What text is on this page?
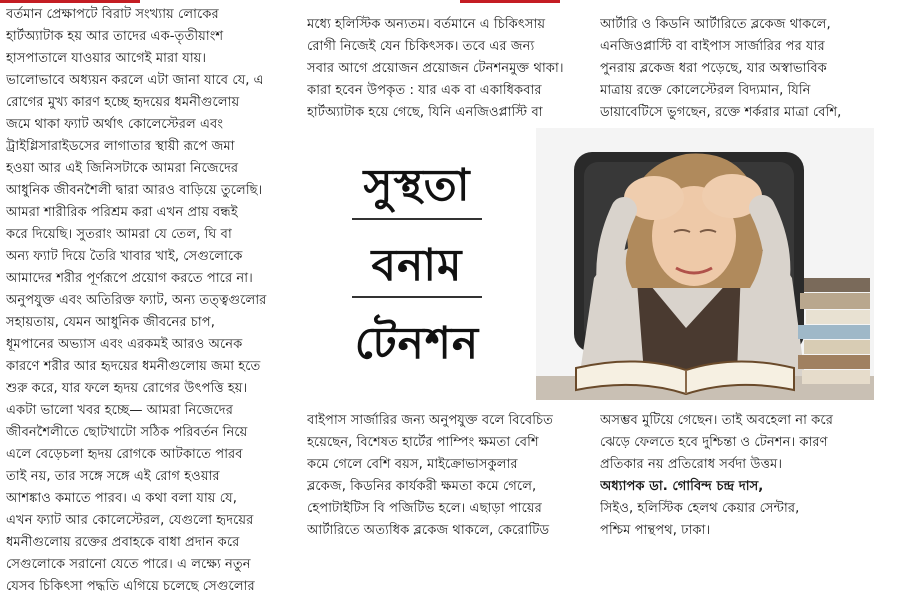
বর্তমান প্রেক্ষাপটে বিরাট সংখ্যায় লোকের
হার্টঅ্যাটাক হয় আর তাদের এক-তৃতীয়াংশ
হাসপাতালে যাওয়ার আগেই মারা যায়।
ভালোভাবে অধ্যয়ন করলে এটা জানা যাবে যে, এ
রোগের মুখ্য কারণ হচ্ছে হৃদয়ের ধমনীগুলোয়
জমে থাকা ফ্যাট অর্থাৎ কোলেস্টেরল এবং
ট্রাইগ্লিসারাইডসের লাগাতার স্থায়ী রূপে জমা
হওয়া আর এই জিনিসটাকে আমরা নিজেদের
আধুনিক জীবনশৈলী দ্বারা আরও বাড়িয়ে তুলেছি।
আমরা শারীরিক পরিশ্রম করা এখন প্রায় বন্ধই
করে দিয়েছি। সুতরাং আমরা যে তেল, ঘি বা
অন্য ফ্যাট দিয়ে তৈরি খাবার খাই, সেগুলোকে
আমাদের শরীর পূর্ণরূপে প্রয়োগ করতে পারে না।
অনুপযুক্ত এবং অতিরিক্ত ফ্যাট, অন্য তত্ত্বগুলোর
সহায়তায়, যেমন আধুনিক জীবনের চাপ,
ধূমপানের অভ্যাস এবং এরকমই আরও অনেক
কারণে শরীর আর হৃদয়ের ধমনীগুলোয় জমা হতে
শুরু করে, যার ফলে হৃদয় রোগের উৎপত্তি হয়।
একটা ভালো খবর হচ্ছে— আমরা নিজেদের
জীবনশৈলীতে ছোটখাটো সঠিক পরিবর্তন নিয়ে
এলে বেড়েচলা হৃদয় রোগকে আটকাতে পারব
তাই নয়, তার সঙ্গে সঙ্গে এই রোগ হওয়ার
আশঙ্কাও কমাতে পারব। এ কথা বলা যায় যে,
এখন ফ্যাট আর কোলেস্টেরল, যেগুলো হৃদয়ের
ধমনীগুলোয় রক্তের প্রবাহকে বাধা প্রদান করে
সেগুলোকে সরানো যেতে পারে। এ লক্ষ্যে নতুন
যেসব চিকিৎসা পদ্ধতি এগিয়ে চলেছে সেগুলোর
মধ্যে হলিস্টিক অন্যতম। বর্তমানে এ চিকিৎসায়
রোগী নিজেই যেন চিকিৎসক। তবে এর জন্য
সবার আগে প্রয়োজন প্রয়োজন টেনশনমুক্ত থাকা।
কারা হবেন উপকৃত : যার এক বা একাধিকবার
হার্টঅ্যাটাক হয়ে গেছে, যিনি এনজিওপ্লাস্টি বা
সুস্থতা
বনাম
টেনশন
আর্টারি ও কিডনি আর্টারিতে ব্লকেজ থাকলে,
এনজিওপ্লাস্টি বা বাইপাস সার্জারির পর যার
পুনরায় ব্লকেজ ধরা পড়েছে, যার অস্বাভাবিক
মাত্রায় রক্তে কোলেস্টেরল বিদ্যমান, যিনি
ডায়াবেটিসে ভুগছেন, রক্তে শর্করার মাত্রা বেশি,
বাইপাস সার্জারির জন্য অনুপযুক্ত বলে বিবেচিত
হয়েছেন, বিশেষত হার্টের পাম্পিং ক্ষমতা বেশি
কমে গেলে বেশি বয়স, মাইক্রোভাসকুলার
ব্লকেজ, কিডনির কার্যকরী ক্ষমতা কমে গেলে,
হেপাটাইটিস বি পজিটিভ হলে। এছাড়া পায়ের
আর্টারিতে অত্যধিক ব্লকেজ থাকলে, কেরোটিড
অসম্ভব মুটিয়ে গেছেন। তাই অবহেলা না করে
ঝেড়ে ফেলতে হবে দুশ্চিন্তা ও টেনশন। কারণ
প্রতিকার নয় প্রতিরোধ সর্বদা উত্তম।
অধ্যাপক ডা. গোবিন্দ চন্দ্র দাস,
সিইও, হলিস্টিক হেলথ কেয়ার সেন্টার,
পশ্চিম পান্থপথ, ঢাকা।
